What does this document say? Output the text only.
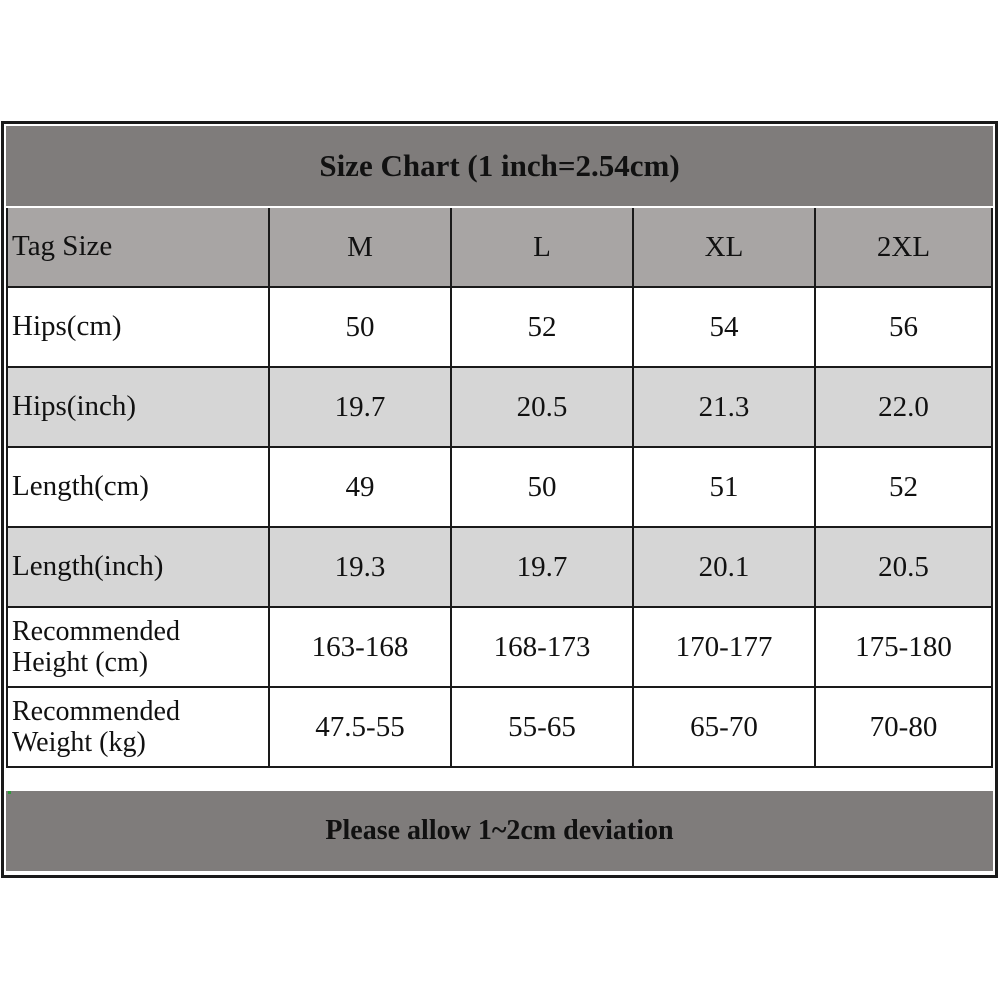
Size Chart (1 inch=2.54cm)
Tag Size	M	L	XL	2XL
Hips(cm)	50	52	54	56
Hips(inch)	19.7	20.5	21.3	22.0
Length(cm)	49	50	51	52
Length(inch)	19.3	19.7	20.1	20.5

Recommended
Height (cm)	163-168	168-173	170-177	175-180

Recommended
Weight (kg)	47.5-55	55-65	65-70	70-80
Please allow 1~2cm deviation
